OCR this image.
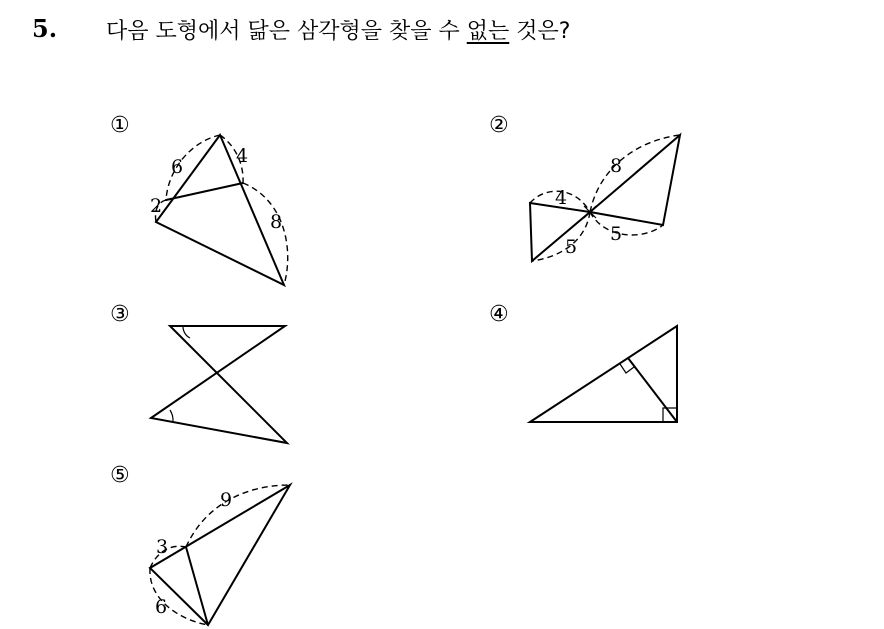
5. 다음 도형에서 닮은 삼각형을 찾을 수 없는 것은?
①	②
③	④
⑤
6	4
2
8
8
4
5
5
9
3
6
